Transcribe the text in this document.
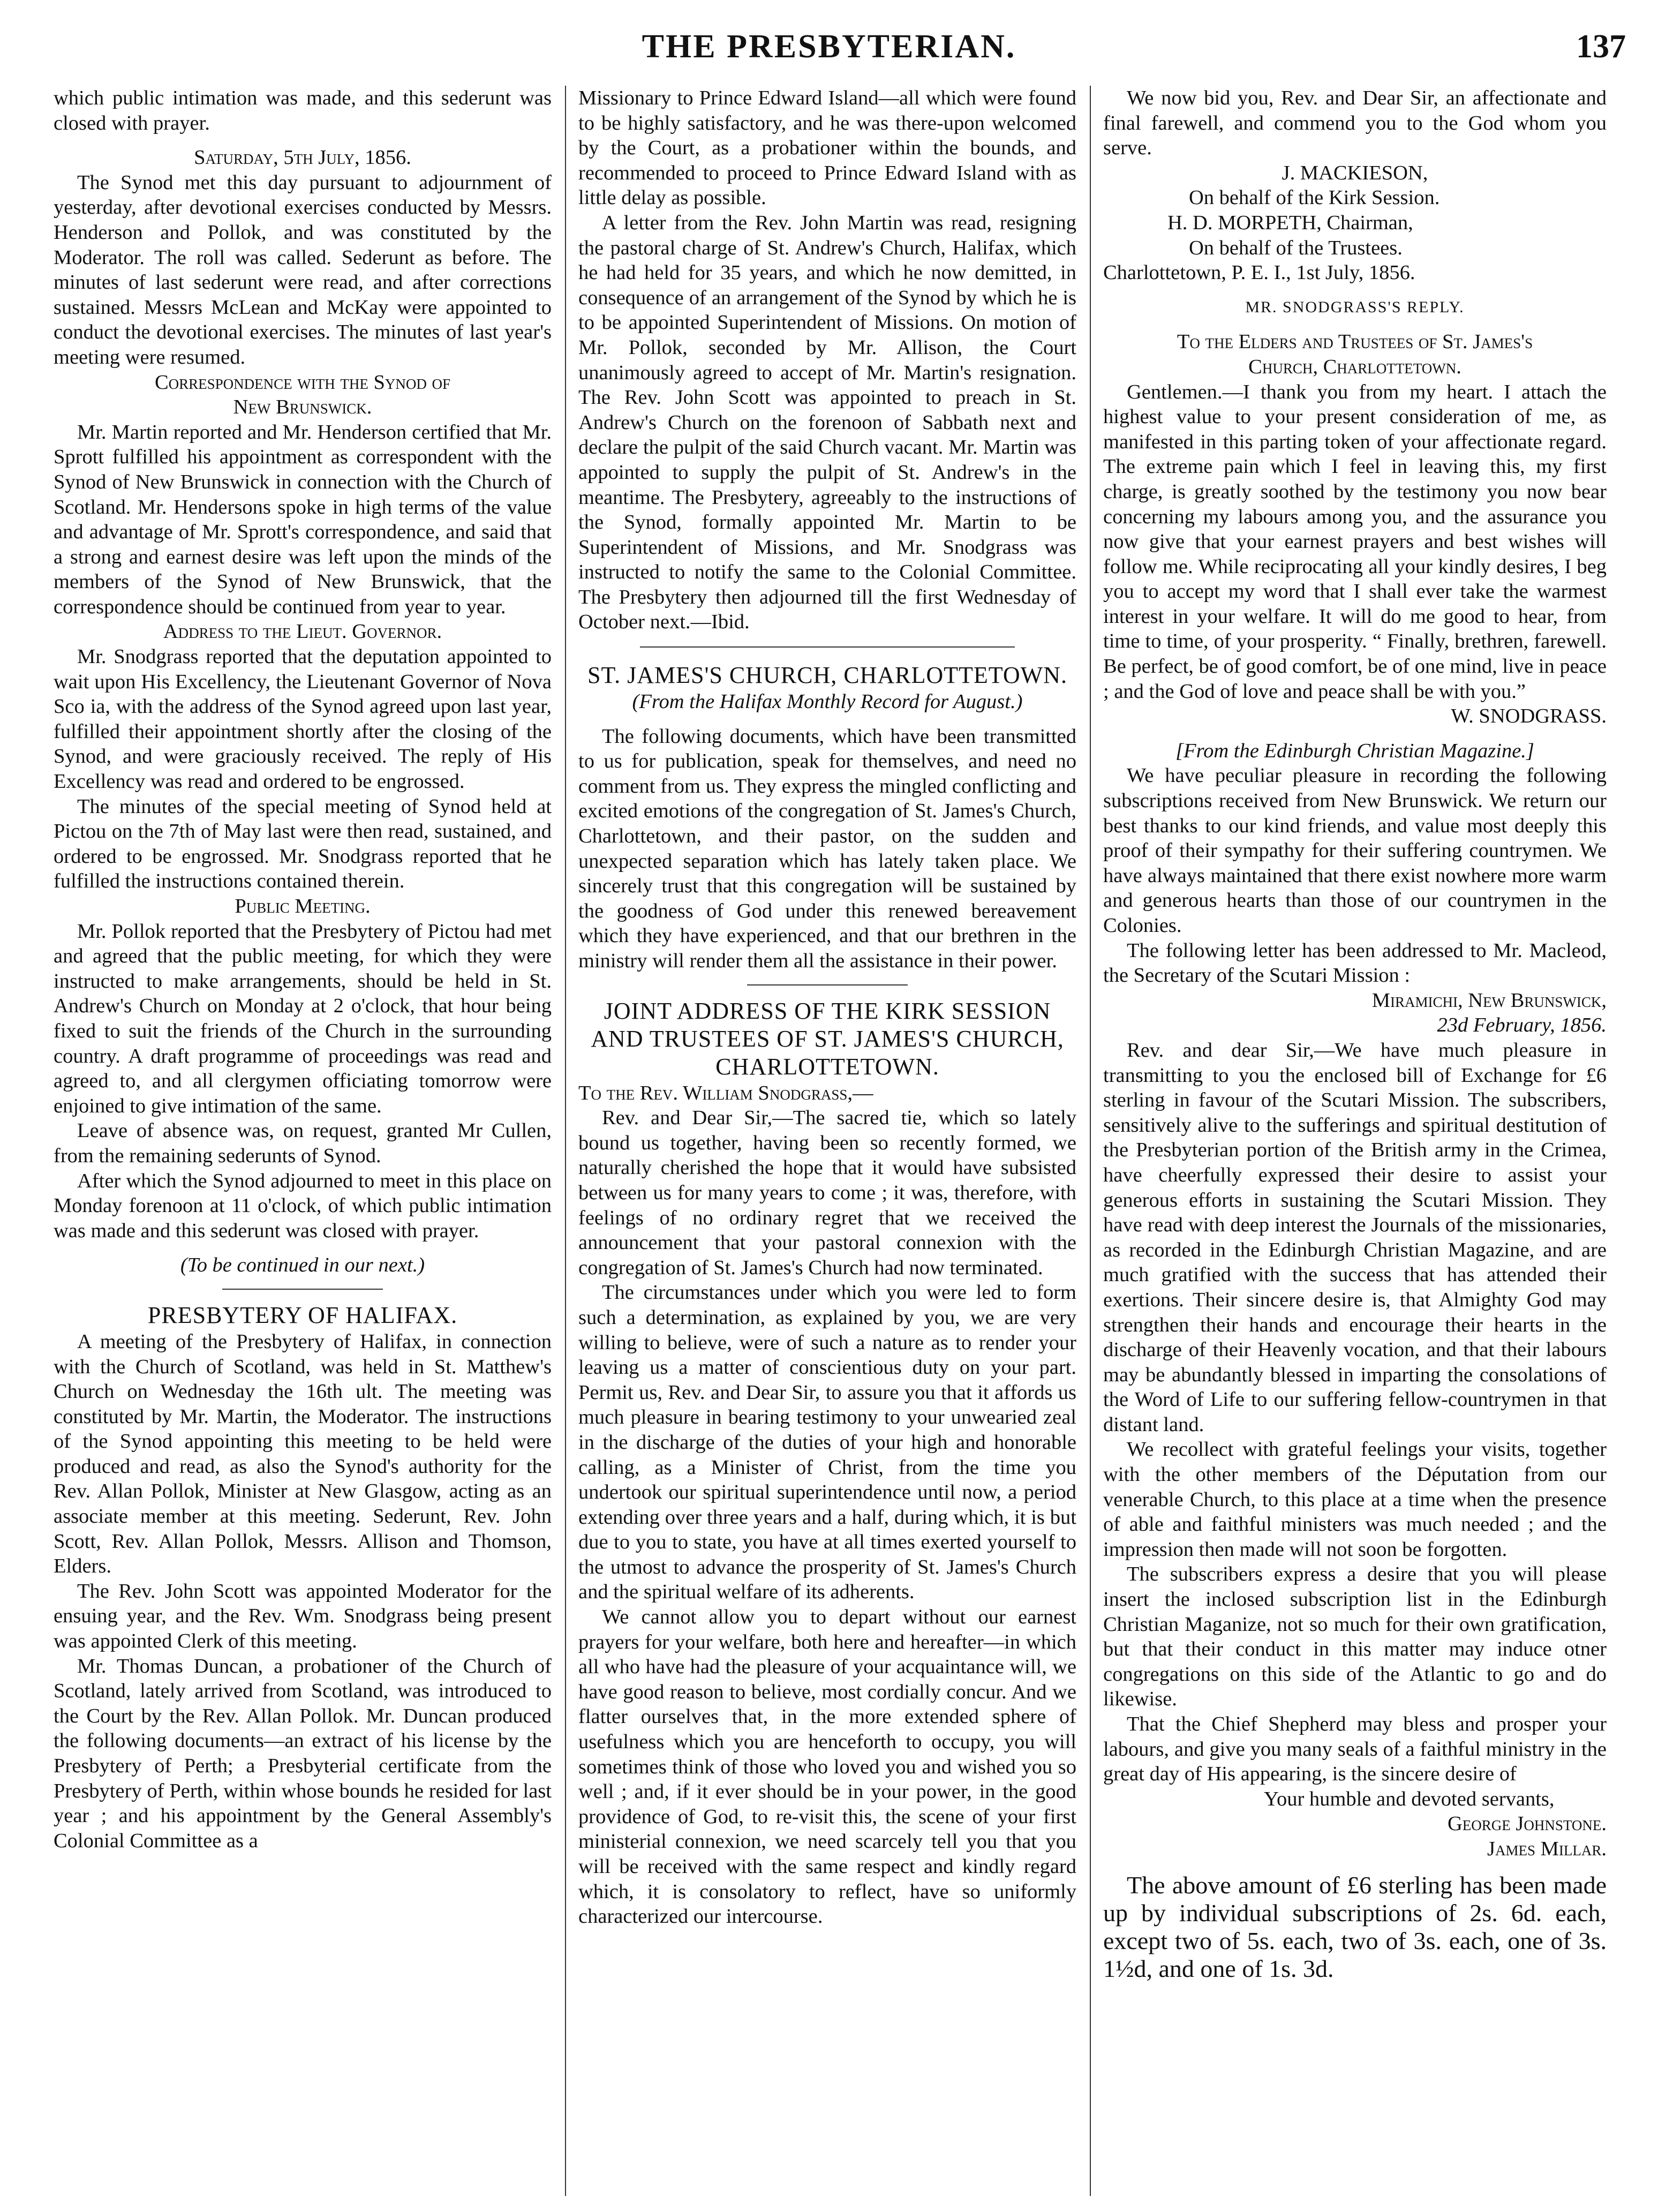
THE PRESBYTERIAN.	137

which public intimation was made, and this sederunt was closed with prayer.

Saturday, 5th July, 1856.

The Synod met this day pursuant to adjournment of yesterday, after devotional exercises conducted by Messrs. Henderson and Pollok, and was constituted by the Moderator. The roll was called. Sederunt as before. The minutes of last sederunt were read, and after corrections sustained. Messrs McLean and McKay were appointed to conduct the devotional exercises. The minutes of last year's meeting were resumed.

Correspondence with the Synod of

New Brunswick.

Mr. Martin reported and Mr. Henderson certified that Mr. Sprott fulfilled his appointment as correspondent with the Synod of New Brunswick in connection with the Church of Scotland. Mr. Hendersons spoke in high terms of the value and advantage of Mr. Sprott's correspondence, and said that a strong and earnest desire was left upon the minds of the members of the Synod of New Brunswick, that the correspondence should be continued from year to year.

Address to the Lieut. Governor.

Mr. Snodgrass reported that the deputation appointed to wait upon His Excellency, the Lieutenant Governor of Nova Sco ia, with the address of the Synod agreed upon last year, fulfilled their appointment shortly after the closing of the Synod, and were graciously received. The reply of His Excellency was read and ordered to be engrossed.

The minutes of the special meeting of Synod held at Pictou on the 7th of May last were then read, sustained, and ordered to be engrossed. Mr. Snodgrass reported that he fulfilled the instructions contained therein.

Public Meeting.

Mr. Pollok reported that the Presbytery of Pictou had met and agreed that the public meeting, for which they were instructed to make arrangements, should be held in St. Andrew's Church on Monday at 2 o'clock, that hour being fixed to suit the friends of the Church in the surrounding country. A draft programme of proceedings was read and agreed to, and all clergymen officiating tomorrow were enjoined to give intimation of the same.

Leave of absence was, on request, granted Mr Cullen, from the remaining sederunts of Synod.

After which the Synod adjourned to meet in this place on Monday forenoon at 11 o'clock, of which public intimation was made and this sederunt was closed with prayer.

(To be continued in our next.)

PRESBYTERY OF HALIFAX.

A meeting of the Presbytery of Halifax, in connection with the Church of Scotland, was held in St. Matthew's Church on Wednesday the 16th ult. The meeting was constituted by Mr. Martin, the Moderator. The instructions of the Synod appointing this meeting to be held were produced and read, as also the Synod's authority for the Rev. Allan Pollok, Minister at New Glasgow, acting as an associate member at this meeting. Sederunt, Rev. John Scott, Rev. Allan Pollok, Messrs. Allison and Thomson, Elders.

The Rev. John Scott was appointed Moderator for the ensuing year, and the Rev. Wm. Snodgrass being present was appointed Clerk of this meeting.

Mr. Thomas Duncan, a probationer of the Church of Scotland, lately arrived from Scotland, was introduced to the Court by the Rev. Allan Pollok. Mr. Duncan produced the following documents—an extract of his license by the Presbytery of Perth; a Presbyterial certificate from the Presbytery of Perth, within whose bounds he resided for last year ; and his appointment by the General Assembly's Colonial Committee as a

Missionary to Prince Edward Island—all which were found to be highly satisfactory, and he was there-upon welcomed by the Court, as a probationer within the bounds, and recommended to proceed to Prince Edward Island with as little delay as possible.

A letter from the Rev. John Martin was read, resigning the pastoral charge of St. Andrew's Church, Halifax, which he had held for 35 years, and which he now demitted, in consequence of an arrangement of the Synod by which he is to be appointed Superintendent of Missions. On motion of Mr. Pollok, seconded by Mr. Allison, the Court unanimously agreed to accept of Mr. Martin's resignation. The Rev. John Scott was appointed to preach in St. Andrew's Church on the forenoon of Sabbath next and declare the pulpit of the said Church vacant. Mr. Martin was appointed to supply the pulpit of St. Andrew's in the meantime. The Presbytery, agreeably to the instructions of the Synod, formally appointed Mr. Martin to be Superintendent of Missions, and Mr. Snodgrass was instructed to notify the same to the Colonial Committee. The Presbytery then adjourned till the first Wednesday of October next.—Ibid.

ST. JAMES'S CHURCH, CHARLOTTETOWN.

(From the Halifax Monthly Record for August.)

The following documents, which have been transmitted to us for publication, speak for themselves, and need no comment from us. They express the mingled conflicting and excited emotions of the congregation of St. James's Church, Charlottetown, and their pastor, on the sudden and unexpected separation which has lately taken place. We sincerely trust that this congregation will be sustained by the goodness of God under this renewed bereavement which they have experienced, and that our brethren in the ministry will render them all the assistance in their power.

JOINT ADDRESS OF THE KIRK SESSION

AND TRUSTEES OF ST. JAMES'S CHURCH,

CHARLOTTETOWN.

To the Rev. William Snodgrass,—

Rev. and Dear Sir,—The sacred tie, which so lately bound us together, having been so recently formed, we naturally cherished the hope that it would have subsisted between us for many years to come ; it was, therefore, with feelings of no ordinary regret that we received the announcement that your pastoral connexion with the congregation of St. James's Church had now terminated.

The circumstances under which you were led to form such a determination, as explained by you, we are very willing to believe, were of such a nature as to render your leaving us a matter of conscientious duty on your part. Permit us, Rev. and Dear Sir, to assure you that it affords us much pleasure in bearing testimony to your unwearied zeal in the discharge of the duties of your high and honorable calling, as a Minister of Christ, from the time you undertook our spiritual superintendence until now, a period extending over three years and a half, during which, it is but due to you to state, you have at all times exerted yourself to the utmost to advance the prosperity of St. James's Church and the spiritual welfare of its adherents.

We cannot allow you to depart without our earnest prayers for your welfare, both here and hereafter—in which all who have had the pleasure of your acquaintance will, we have good reason to believe, most cordially concur. And we flatter ourselves that, in the more extended sphere of usefulness which you are henceforth to occupy, you will sometimes think of those who loved you and wished you so well ; and, if it ever should be in your power, in the good providence of God, to re-visit this, the scene of your first ministerial connexion, we need scarcely tell you that you will be received with the same respect and kindly regard which, it is consolatory to reflect, have so uniformly characterized our intercourse.

We now bid you, Rev. and Dear Sir, an affectionate and final farewell, and commend you to the God whom you serve.

J. MACKIESON,

On behalf of the Kirk Session.

H. D. MORPETH, Chairman,

On behalf of the Trustees.

Charlottetown, P. E. I., 1st July, 1856.

MR. SNODGRASS'S REPLY.

To the Elders and Trustees of St. James's

Church, Charlottetown.

Gentlemen.—I thank you from my heart. I attach the highest value to your present consideration of me, as manifested in this parting token of your affectionate regard. The extreme pain which I feel in leaving this, my first charge, is greatly soothed by the testimony you now bear concerning my labours among you, and the assurance you now give that your earnest prayers and best wishes will follow me. While reciprocating all your kindly desires, I beg you to accept my word that I shall ever take the warmest interest in your welfare. It will do me good to hear, from time to time, of your prosperity. “ Finally, brethren, farewell. Be perfect, be of good comfort, be of one mind, live in peace ; and the God of love and peace shall be with you.”

W. SNODGRASS.

[From the Edinburgh Christian Magazine.]

We have peculiar pleasure in recording the following subscriptions received from New Brunswick. We return our best thanks to our kind friends, and value most deeply this proof of their sympathy for their suffering countrymen. We have always maintained that there exist nowhere more warm and generous hearts than those of our countrymen in the Colonies.

The following letter has been addressed to Mr. Macleod, the Secretary of the Scutari Mission :

Miramichi, New Brunswick,

23d February, 1856.

Rev. and dear Sir,—We have much pleasure in transmitting to you the enclosed bill of Exchange for £6 sterling in favour of the Scutari Mission. The subscribers, sensitively alive to the sufferings and spiritual destitution of the Presbyterian portion of the British army in the Crimea, have cheerfully expressed their desire to assist your generous efforts in sustaining the Scutari Mission. They have read with deep interest the Journals of the missionaries, as recorded in the Edinburgh Christian Magazine, and are much gratified with the success that has attended their exertions. Their sincere desire is, that Almighty God may strengthen their hands and encourage their hearts in the discharge of their Heavenly vocation, and that their labours may be abundantly blessed in imparting the consolations of the Word of Life to our suffering fellow-countrymen in that distant land.

We recollect with grateful feelings your visits, together with the other members of the Députation from our venerable Church, to this place at a time when the presence of able and faithful ministers was much needed ; and the impression then made will not soon be forgotten.

The subscribers express a desire that you will please insert the inclosed subscription list in the Edinburgh Christian Maganize, not so much for their own gratification, but that their conduct in this matter may induce otner congregations on this side of the Atlantic to go and do likewise.

That the Chief Shepherd may bless and prosper your labours, and give you many seals of a faithful ministry in the great day of His appearing, is the sincere desire of

Your humble and devoted servants,

George Johnstone.

James Millar.

The above amount of £6 sterling has been made up by individual subscriptions of 2s. 6d. each, except two of 5s. each, two of 3s. each, one of 3s. 1½d, and one of 1s. 3d.
